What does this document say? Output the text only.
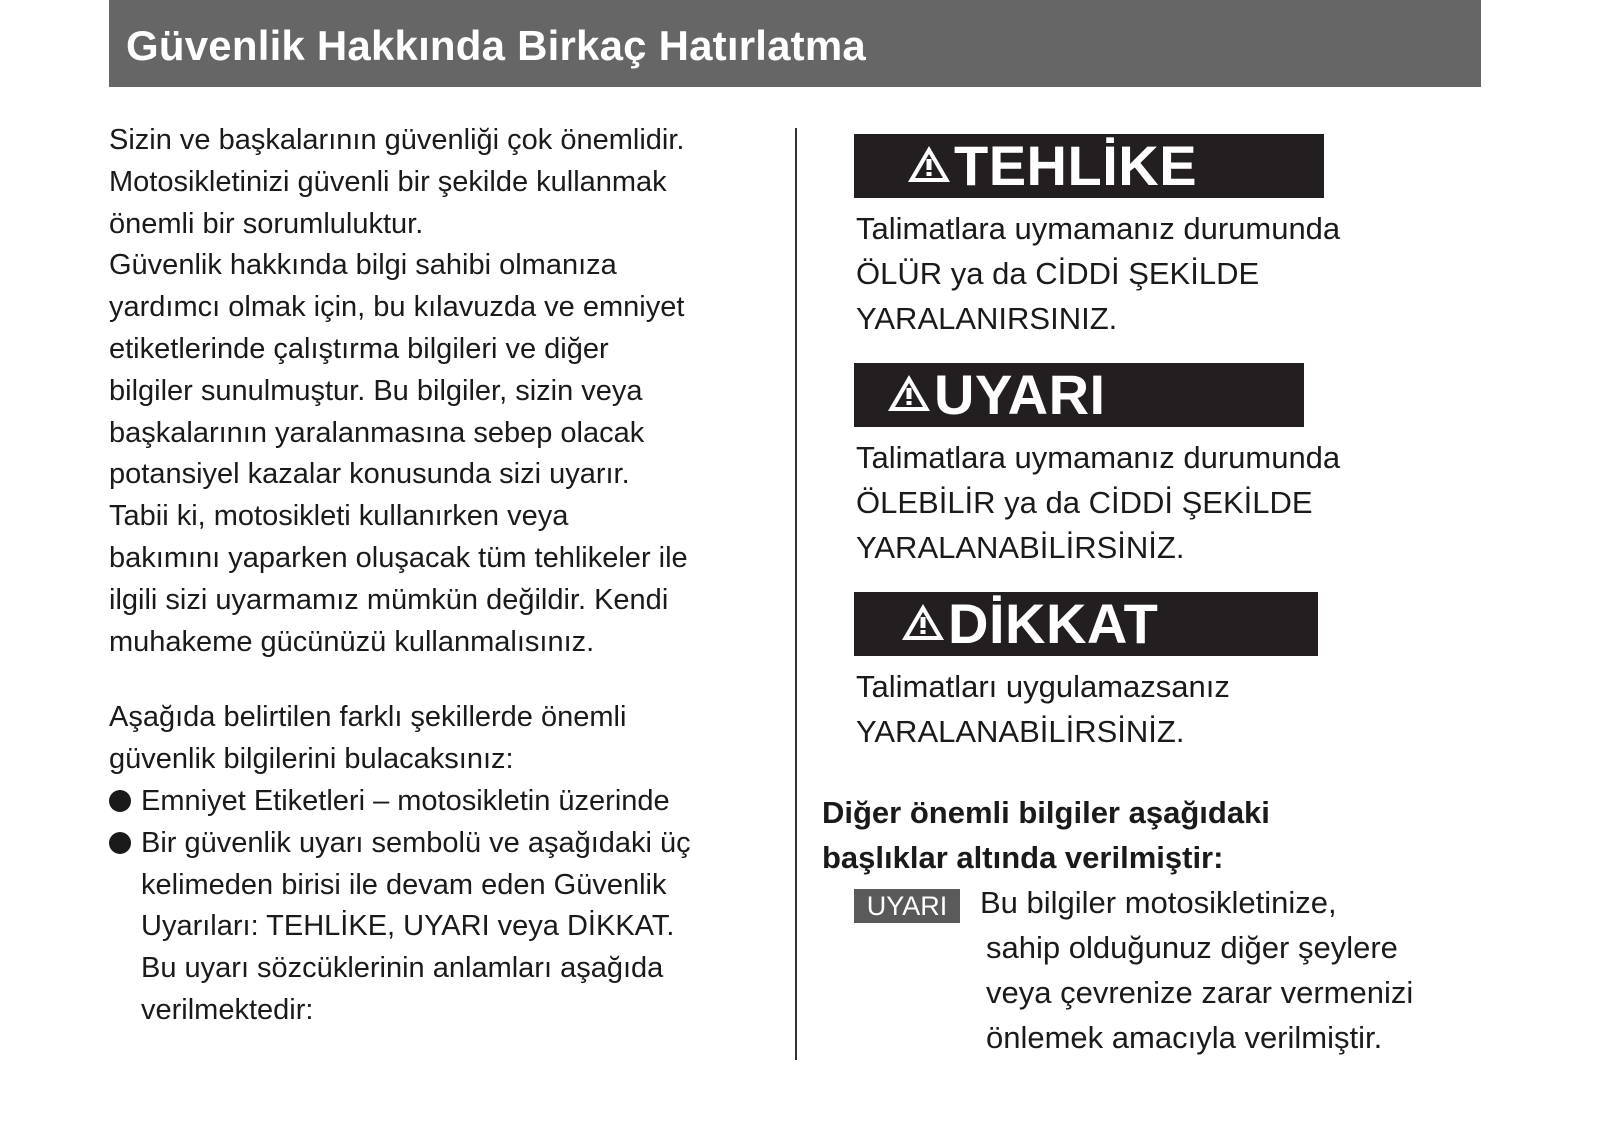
Güvenlik Hakkında Birkaç Hatırlatma

Sizin ve başkalarının güvenliği çok önemlidir.

Motosikletinizi güvenli bir şekilde kullanmak

önemli bir sorumluluktur.

Güvenlik hakkında bilgi sahibi olmanıza

yardımcı olmak için, bu kılavuzda ve emniyet

etiketlerinde çalıştırma bilgileri ve diğer

bilgiler sunulmuştur. Bu bilgiler, sizin veya

başkalarının yaralanmasına sebep olacak

potansiyel kazalar konusunda sizi uyarır.

Tabii ki, motosikleti kullanırken veya

bakımını yaparken oluşacak tüm tehlikeler ile

ilgili sizi uyarmamız mümkün değildir. Kendi

muhakeme gücünüzü kullanmalısınız.

Aşağıda belirtilen farklı şekillerde önemli

güvenlik bilgilerini bulacaksınız:

Emniyet Etiketleri – motosikletin üzerinde

Bir güvenlik uyarı sembolü ve aşağıdaki üç

kelimeden birisi ile devam eden Güvenlik

Uyarıları: TEHLİKE, UYARI veya DİKKAT.

Bu uyarı sözcüklerinin anlamları aşağıda

verilmektedir:

TEHLİKE

Talimatlara uymamanız durumunda

ÖLÜR ya da CİDDİ ŞEKİLDE

YARALANIRSINIZ.

UYARI

Talimatlara uymamanız durumunda

ÖLEBİLİR ya da CİDDİ ŞEKİLDE

YARALANABİLİRSİNİZ.

DİKKAT

Talimatları uygulamazsanız

YARALANABİLİRSİNİZ.

Diğer önemli bilgiler aşağıdaki

başlıklar altında verilmiştir:

UYARI	Bu bilgiler motosikletinize,

sahip olduğunuz diğer şeylere

veya çevrenize zarar vermenizi

önlemek amacıyla verilmiştir.
